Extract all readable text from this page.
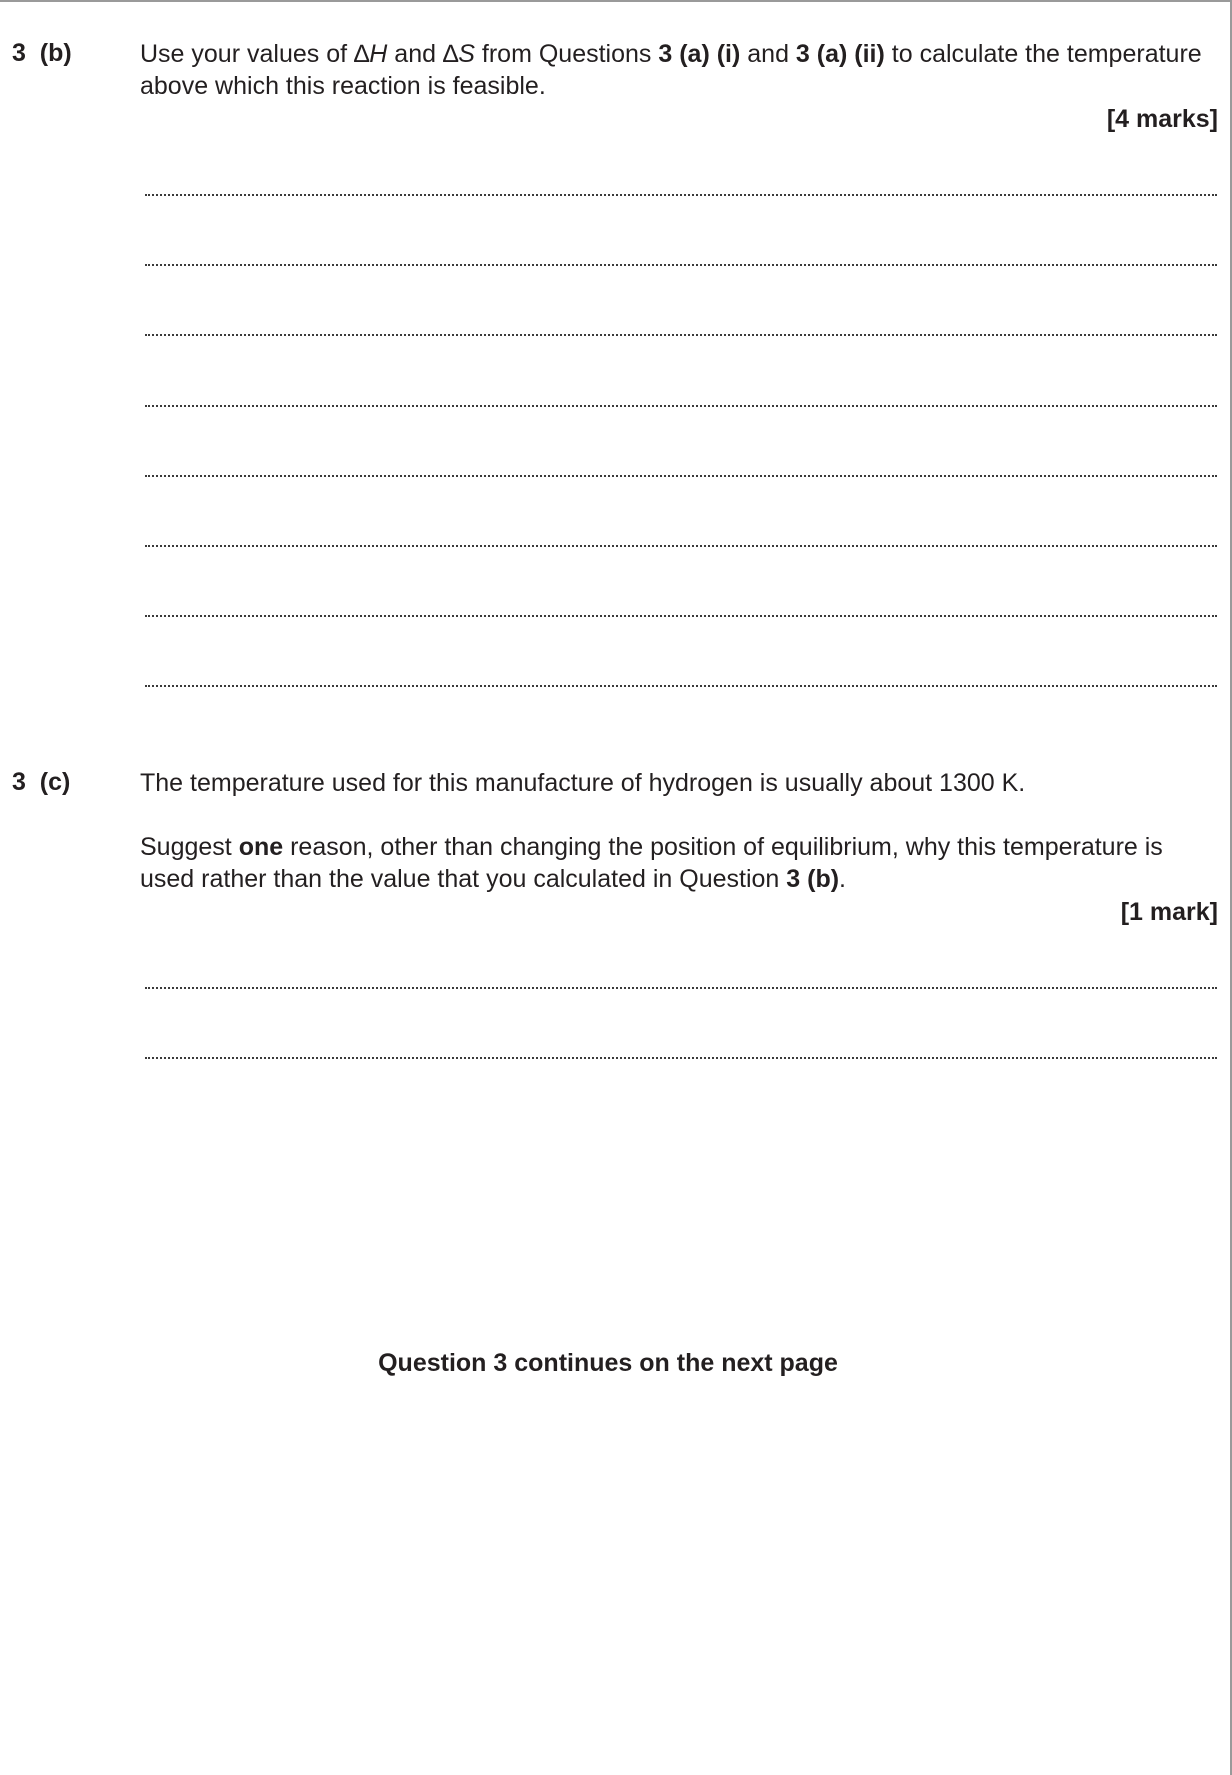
3  (b)	Use your values of ∆H and ∆S from Questions 3 (a) (i) and 3 (a) (ii) to calculate the temperature above which this reaction is feasible.
[4 marks]
3  (c)	The temperature used for this manufacture of hydrogen is usually about 1300 K.
Suggest one reason, other than changing the position of equilibrium, why this temperature is used rather than the value that you calculated in Question 3 (b).
[1 mark]
Question 3 continues on the next page
